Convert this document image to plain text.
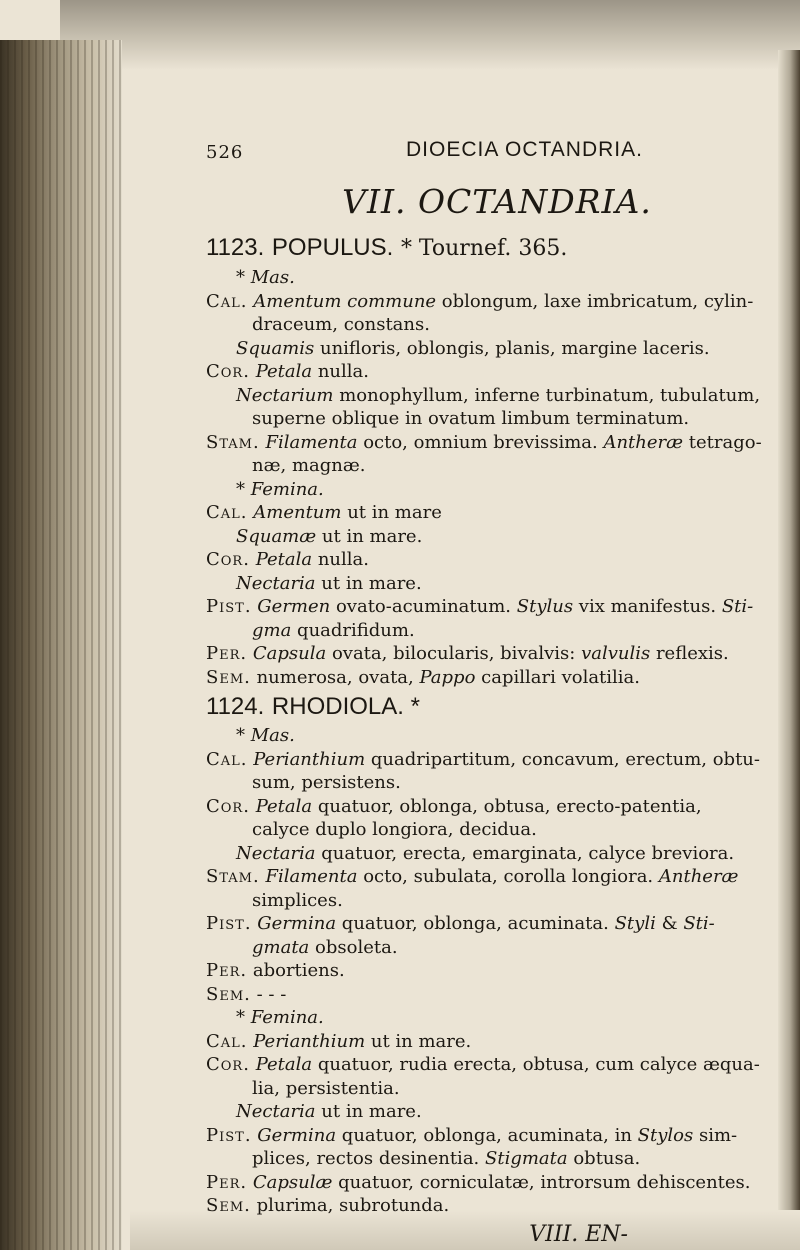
526	DIOECIA OCTANDRIA.
VII. OCTANDRIA.
1123. POPULUS. * Tournef. 365.
* Mas.
Cal. Amentum commune oblongum, laxe imbricatum, cylin-
draceum, constans.
Squamis unifloris, oblongis, planis, margine laceris.
Cor. Petala nulla.
Nectarium monophyllum, inferne turbinatum, tubulatum,
superne oblique in ovatum limbum terminatum.
Stam. Filamenta octo, omnium brevissima. Antheræ tetrago-
næ, magnæ.
* Femina.
Cal. Amentum ut in mare
Squamæ ut in mare.
Cor. Petala nulla.
Nectaria ut in mare.
Pist. Germen ovato-acuminatum. Stylus vix manifestus. Sti-
gma quadrifidum.
Per. Capsula ovata, bilocularis, bivalvis: valvulis reflexis.
Sem. numerosa, ovata, Pappo capillari volatilia.
1124. RHODIOLA. *
* Mas.
Cal. Perianthium quadripartitum, concavum, erectum, obtu-
sum, persistens.
Cor. Petala quatuor, oblonga, obtusa, erecto-patentia,
calyce duplo longiora, decidua.
Nectaria quatuor, erecta, emarginata, calyce breviora.
Stam. Filamenta octo, subulata, corolla longiora. Antheræ
simplices.
Pist. Germina quatuor, oblonga, acuminata. Styli & Sti-
gmata obsoleta.
Per. abortiens.
Sem. - - -
* Femina.
Cal. Perianthium ut in mare.
Cor. Petala quatuor, rudia erecta, obtusa, cum calyce æqua-
lia, persistentia.
Nectaria ut in mare.
Pist. Germina quatuor, oblonga, acuminata, in Stylos sim-
plices, rectos desinentia. Stigmata obtusa.
Per. Capsulæ quatuor, corniculatæ, introrsum dehiscentes.
Sem. plurima, subrotunda.
VIII. EN-
